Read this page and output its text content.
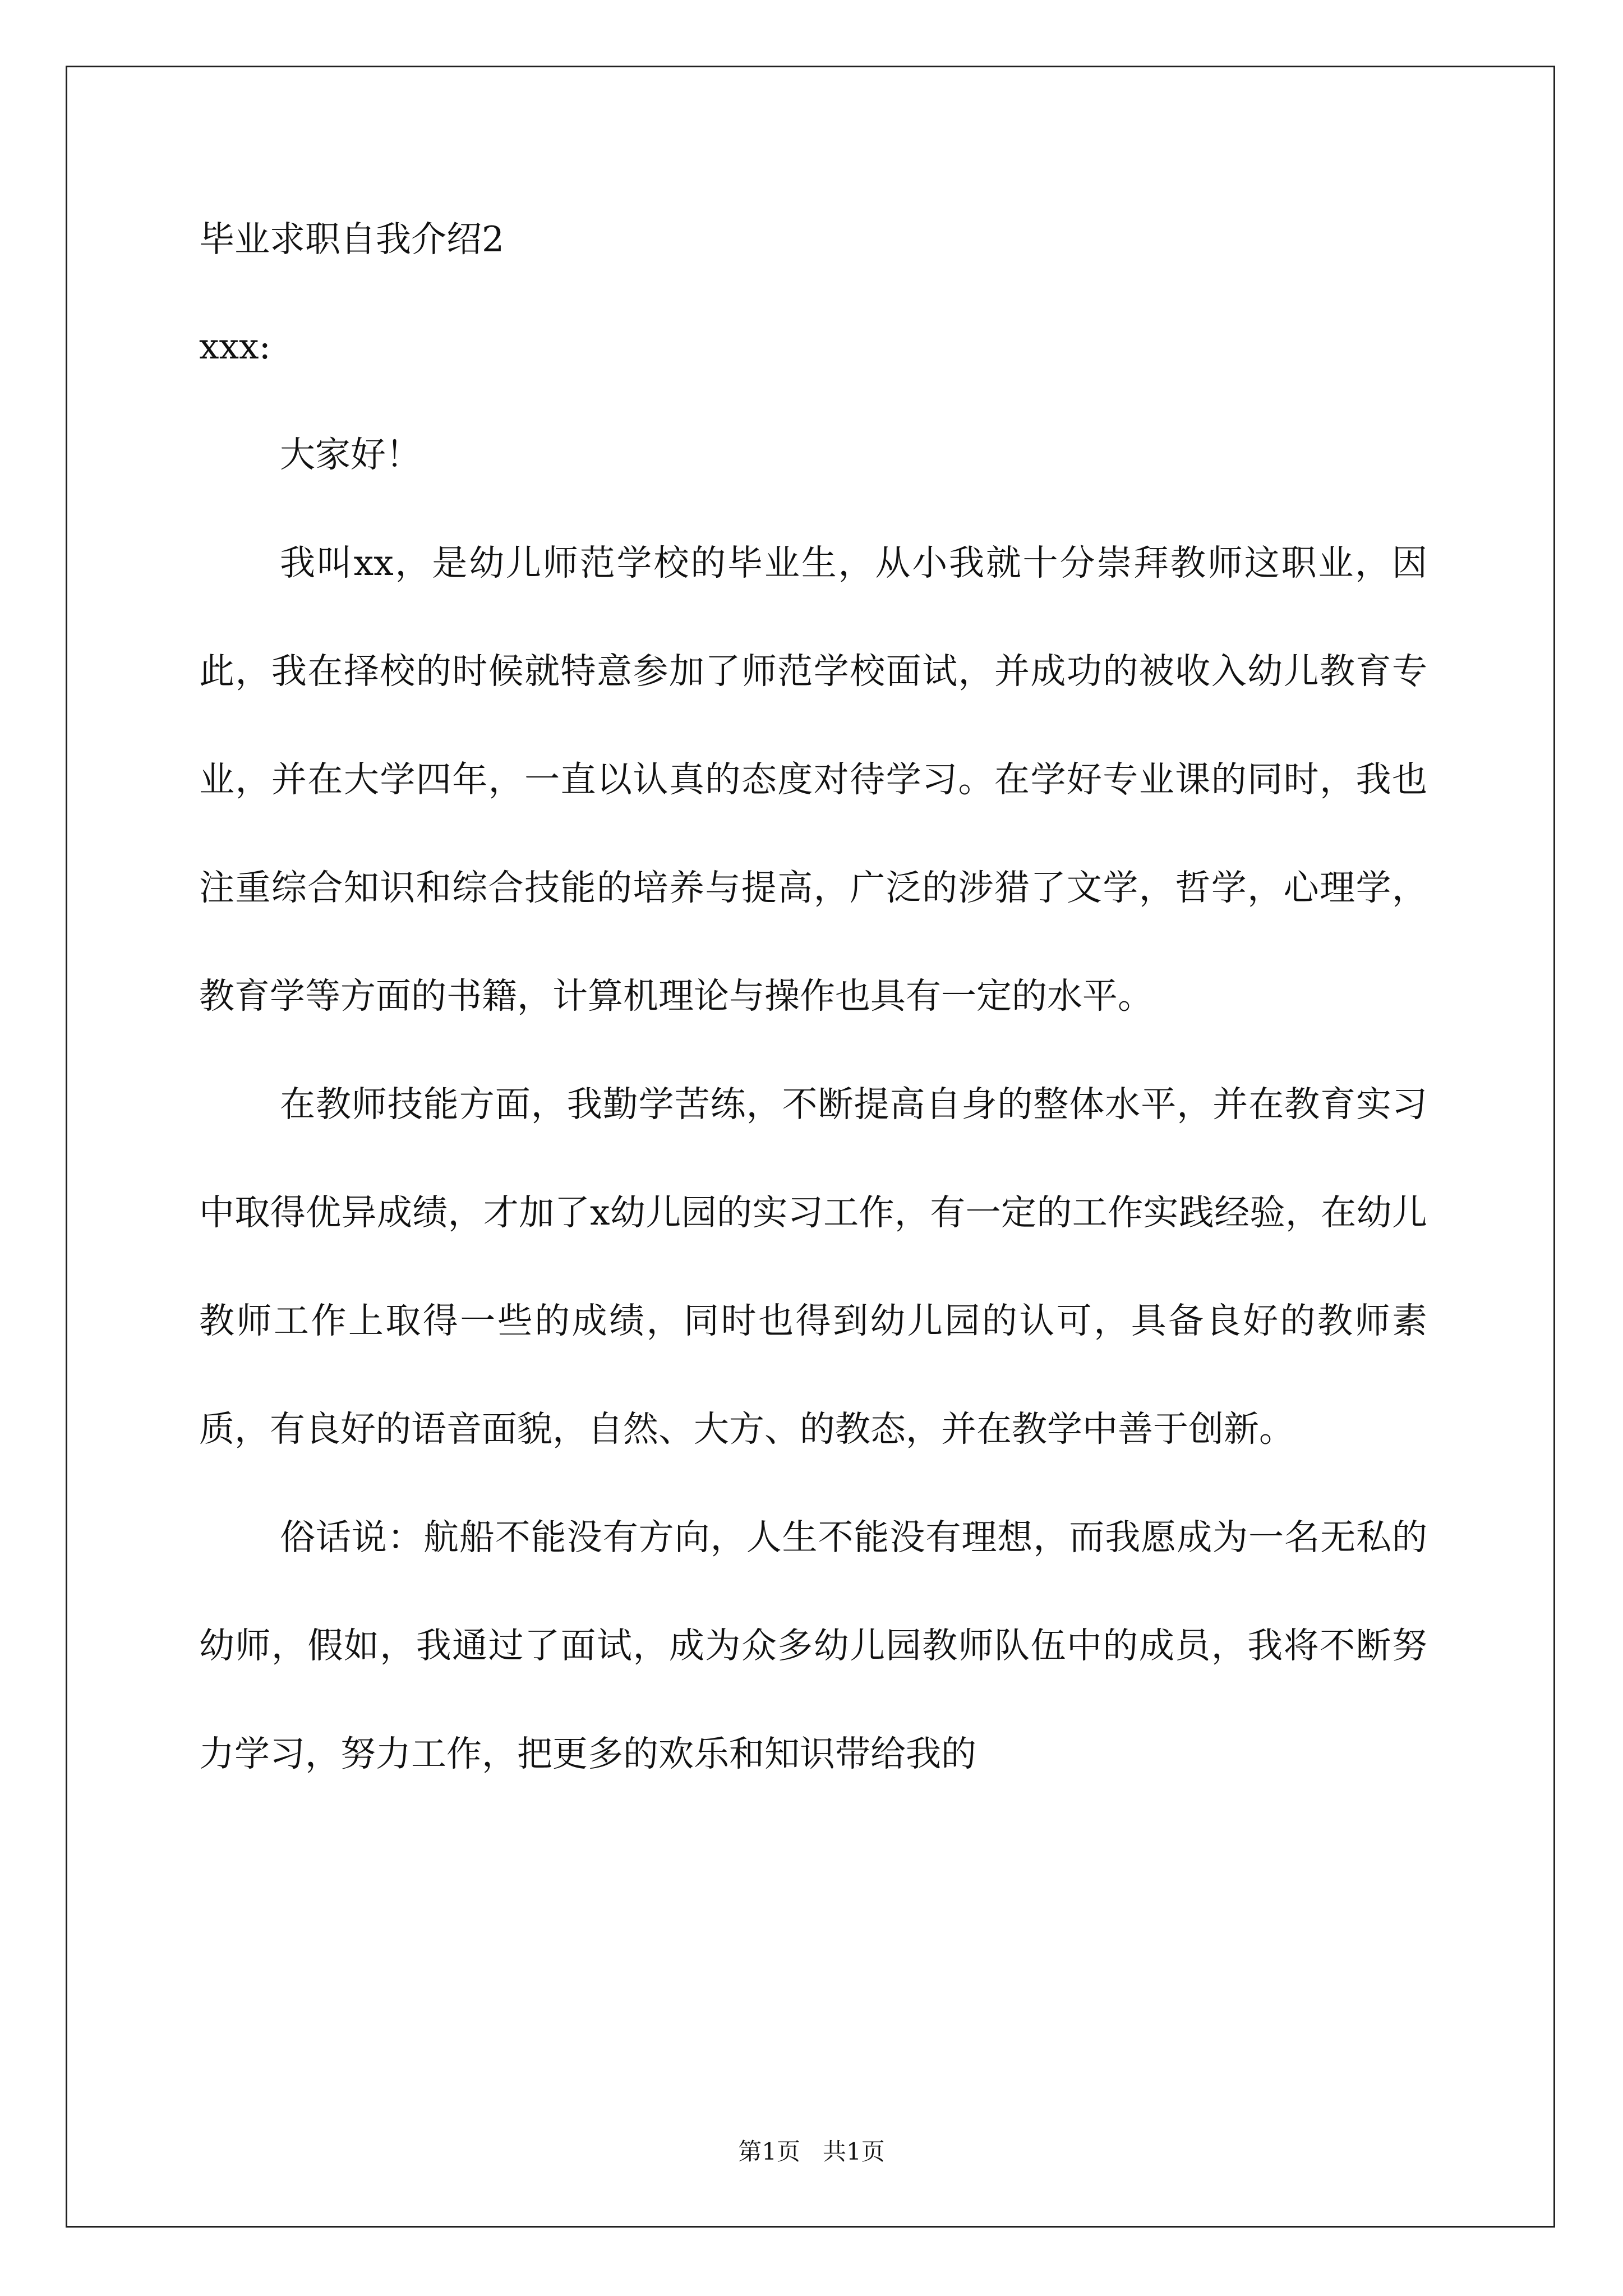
毕业求职自我介绍2

xxx:

大家好！

我叫xx，是幼儿师范学校的毕业生，从小我就十分崇拜教师这职业，因此，我在择校的时候就特意参加了师范学校面试，并成功的被收入幼儿教育专业，并在大学四年，一直以认真的态度对待学习。在学好专业课的同时，我也注重综合知识和综合技能的培养与提高，广泛的涉猎了文学，哲学，心理学，教育学等方面的书籍，计算机理论与操作也具有一定的水平。

在教师技能方面，我勤学苦练，不断提高自身的整体水平，并在教育实习中取得优异成绩，才加了x幼儿园的实习工作，有一定的工作实践经验，在幼儿教师工作上取得一些的成绩，同时也得到幼儿园的认可，具备良好的教师素质，有良好的语音面貌，自然、大方、的教态，并在教学中善于创新。

俗话说：航船不能没有方向，人生不能没有理想，而我愿成为一名无私的幼师，假如，我通过了面试，成为众多幼儿园教师队伍中的成员，我将不断努力学习，努力工作，把更多的欢乐和知识带给我的

第1页   共1页
